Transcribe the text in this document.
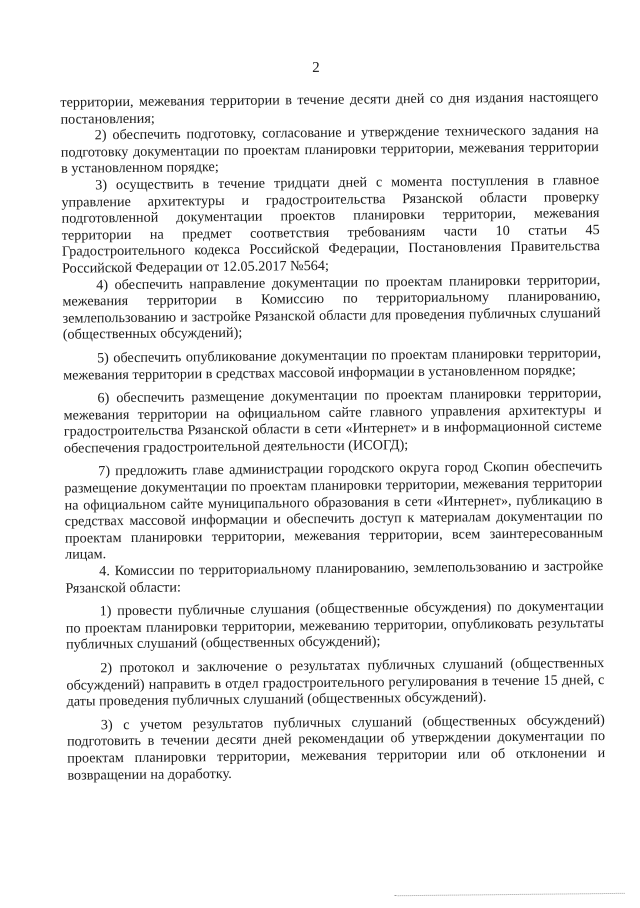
2

территории, межевания территории в течение десяти дней со дня издания настоящего постановления;

2) обеспечить подготовку, согласование и утверждение технического задания на подготовку документации по проектам планировки территории, межевания территории в установленном порядке;

3) осуществить в течение тридцати дней с момента поступления в главное управление архитектуры и градостроительства Рязанской области проверку подготовленной документации проектов планировки территории, межевания территории на предмет соответствия требованиям части 10 статьи 45 Градостроительного кодекса Российской Федерации, Постановления Правительства Российской Федерации от 12.05.2017 №564;

4) обеспечить направление документации по проектам планировки территории, межевания территории в Комиссию по территориальному планированию, землепользованию и застройке Рязанской области для проведения публичных слушаний (общественных обсуждений);

5) обеспечить опубликование документации по проектам планировки территории, межевания территории в средствах массовой информации в установленном порядке;

6) обеспечить размещение документации по проектам планировки территории, межевания территории на официальном сайте главного управления архитектуры и градостроительства Рязанской области в сети «Интернет» и в информационной системе обеспечения градостроительной деятельности (ИСОГД);

7) предложить главе администрации городского округа город Скопин обеспечить размещение документации по проектам планировки территории, межевания территории на официальном сайте муниципального образования в сети «Интернет», публикацию в средствах массовой информации и обеспечить доступ к материалам документации по проектам планировки территории, межевания территории, всем заинтересованным лицам.

4. Комиссии по территориальному планированию, землепользованию и застройке Рязанской области:

1) провести публичные слушания (общественные обсуждения) по документации по проектам планировки территории, межеванию территории, опубликовать результаты публичных слушаний (общественных обсуждений);

2) протокол и заключение о результатах публичных слушаний (общественных обсуждений) направить в отдел градостроительного регулирования в течение 15 дней, с даты проведения публичных слушаний (общественных обсуждений).

3) с учетом результатов публичных слушаний (общественных обсуждений) подготовить в течении десяти дней рекомендации об утверждении документации по проектам планировки территории, межевания территории или об отклонении и возвращении на доработку.
